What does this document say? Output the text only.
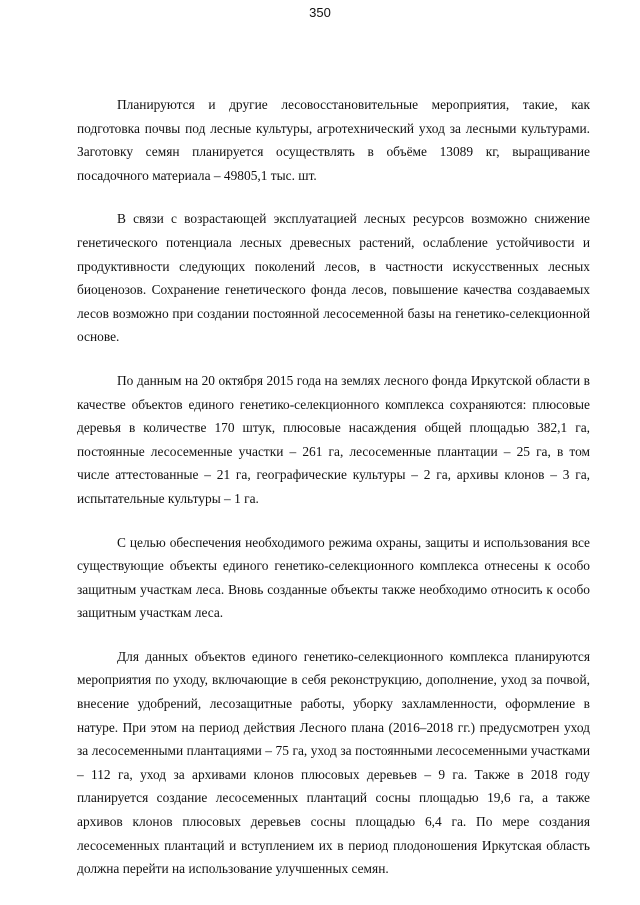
350

Планируются и другие лесовосстановительные мероприятия, такие, как подготовка почвы под лесные культуры, агротехнический уход за лесными культурами. Заготовку семян планируется осуществлять в объёме 13089 кг, выращивание посадочного материала – 49805,1 тыс. шт.

В связи с возрастающей эксплуатацией лесных ресурсов возможно снижение генетического потенциала лесных древесных растений, ослабление устойчивости и продуктивности следующих поколений лесов, в частности искусственных лесных биоценозов. Сохранение генетического фонда лесов, повышение качества создаваемых лесов возможно при создании постоянной лесосеменной базы на генетико-селекционной основе.

По данным на 20 октября 2015 года на землях лесного фонда Иркутской области в качестве объектов единого генетико-селекционного комплекса сохраняются: плюсовые деревья в количестве 170 штук, плюсовые насаждения общей площадью 382,1 га, постоянные лесосеменные участки – 261 га, лесосеменные плантации – 25 га, в том числе аттестованные – 21 га, географические культуры – 2 га, архивы клонов – 3 га, испытательные культуры – 1 га.

С целью обеспечения необходимого режима охраны, защиты и использования все существующие объекты единого генетико-селекционного комплекса отнесены к особо защитным участкам леса. Вновь созданные объекты также необходимо относить к особо защитным участкам леса.

Для данных объектов единого генетико-селекционного комплекса планируются мероприятия по уходу, включающие в себя реконструкцию, дополнение, уход за почвой, внесение удобрений, лесозащитные работы, уборку захламленности, оформление в натуре. При этом на период действия Лесного плана (2016–2018 гг.) предусмотрен уход за лесосеменными плантациями – 75 га, уход за постоянными лесосеменными участками – 112 га, уход за архивами клонов плюсовых деревьев – 9 га. Также в 2018 году планируется создание лесосеменных плантаций сосны площадью 19,6 га, а также архивов клонов плюсовых деревьев сосны площадью 6,4 га. По мере создания лесосеменных плантаций и вступлением их в период плодоношения Иркутская область должна перейти на использование улучшенных семян.
